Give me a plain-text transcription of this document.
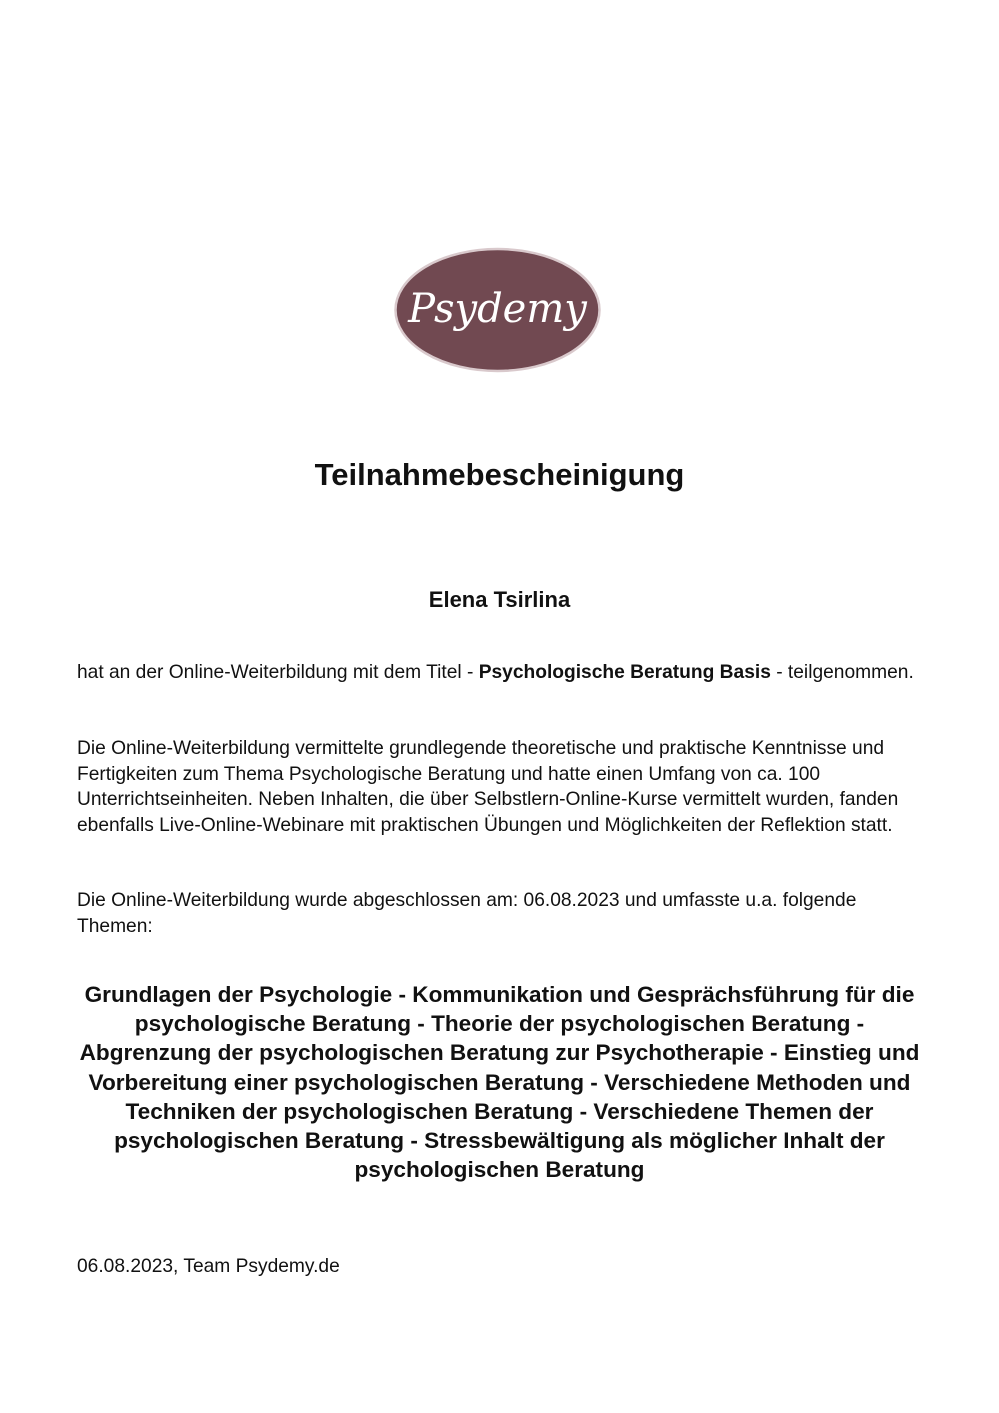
Psydemy
Teilnahmebescheinigung
Elena Tsirlina

hat an der Online-Weiterbildung mit dem Titel - Psychologische Beratung Basis - teilgenommen.

Die Online-Weiterbildung vermittelte grundlegende theoretische und praktische Kenntnisse und Fertigkeiten zum Thema Psychologische Beratung und hatte einen Umfang von ca. 100 Unterrichtseinheiten. Neben Inhalten, die über Selbstlern-Online-Kurse vermittelt wurden, fanden ebenfalls Live-Online-Webinare mit praktischen Übungen und Möglichkeiten der Reflektion statt.

Die Online-Weiterbildung wurde abgeschlossen am: 06.08.2023 und umfasste u.a. folgende Themen:

Grundlagen der Psychologie - Kommunikation und Gesprächsführung für die psychologische Beratung - Theorie der psychologischen Beratung - Abgrenzung der psychologischen Beratung zur Psychotherapie - Einstieg und Vorbereitung einer psychologischen Beratung - Verschiedene Methoden und Techniken der psychologischen Beratung - Verschiedene Themen der psychologischen Beratung - Stressbewältigung als möglicher Inhalt der psychologischen Beratung

06.08.2023, Team Psydemy.de
